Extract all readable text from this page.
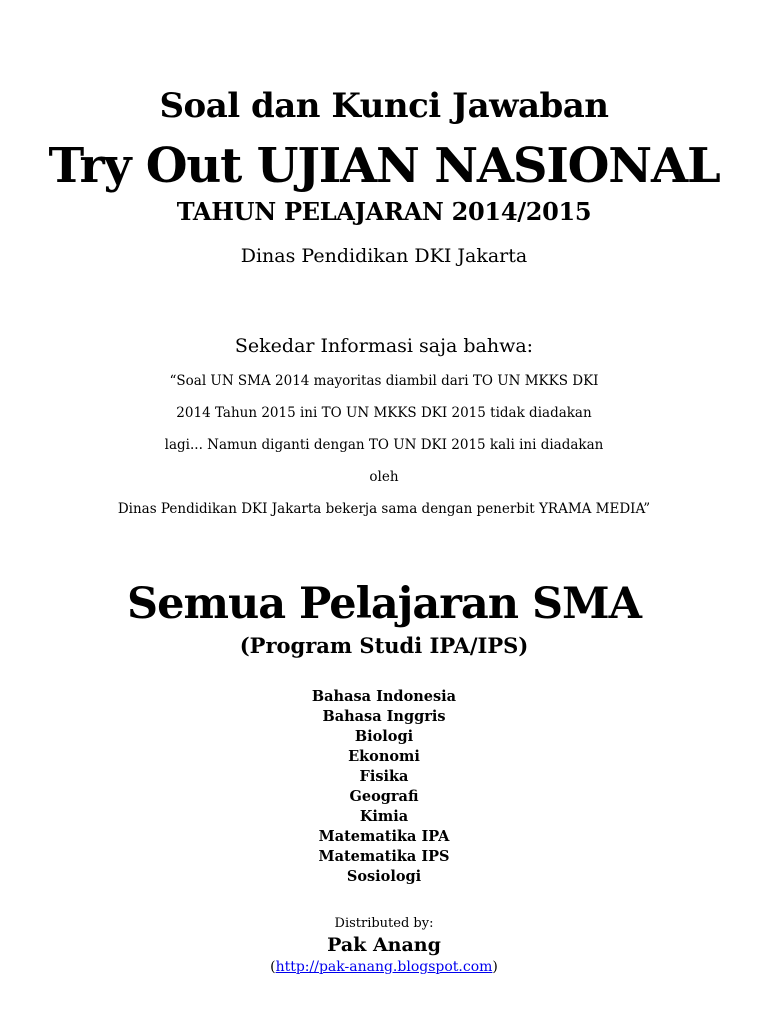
Soal dan Kunci Jawaban
Try Out UJIAN NASIONAL
TAHUN PELAJARAN 2014/2015
Dinas Pendidikan DKI Jakarta
Sekedar Informasi saja bahwa:
“Soal UN SMA 2014 mayoritas diambil dari TO UN MKKS DKI
2014 Tahun 2015 ini TO UN MKKS DKI 2015 tidak diadakan
lagi... Namun diganti dengan TO UN DKI 2015 kali ini diadakan
oleh
Dinas Pendidikan DKI Jakarta bekerja sama dengan penerbit YRAMA MEDIA”
Semua Pelajaran SMA
(Program Studi IPA/IPS)
Bahasa Indonesia
Bahasa Inggris
Biologi
Ekonomi
Fisika
Geografi
Kimia
Matematika IPA
Matematika IPS
Sosiologi
Distributed by:
Pak Anang
(http://pak-anang.blogspot.com)
